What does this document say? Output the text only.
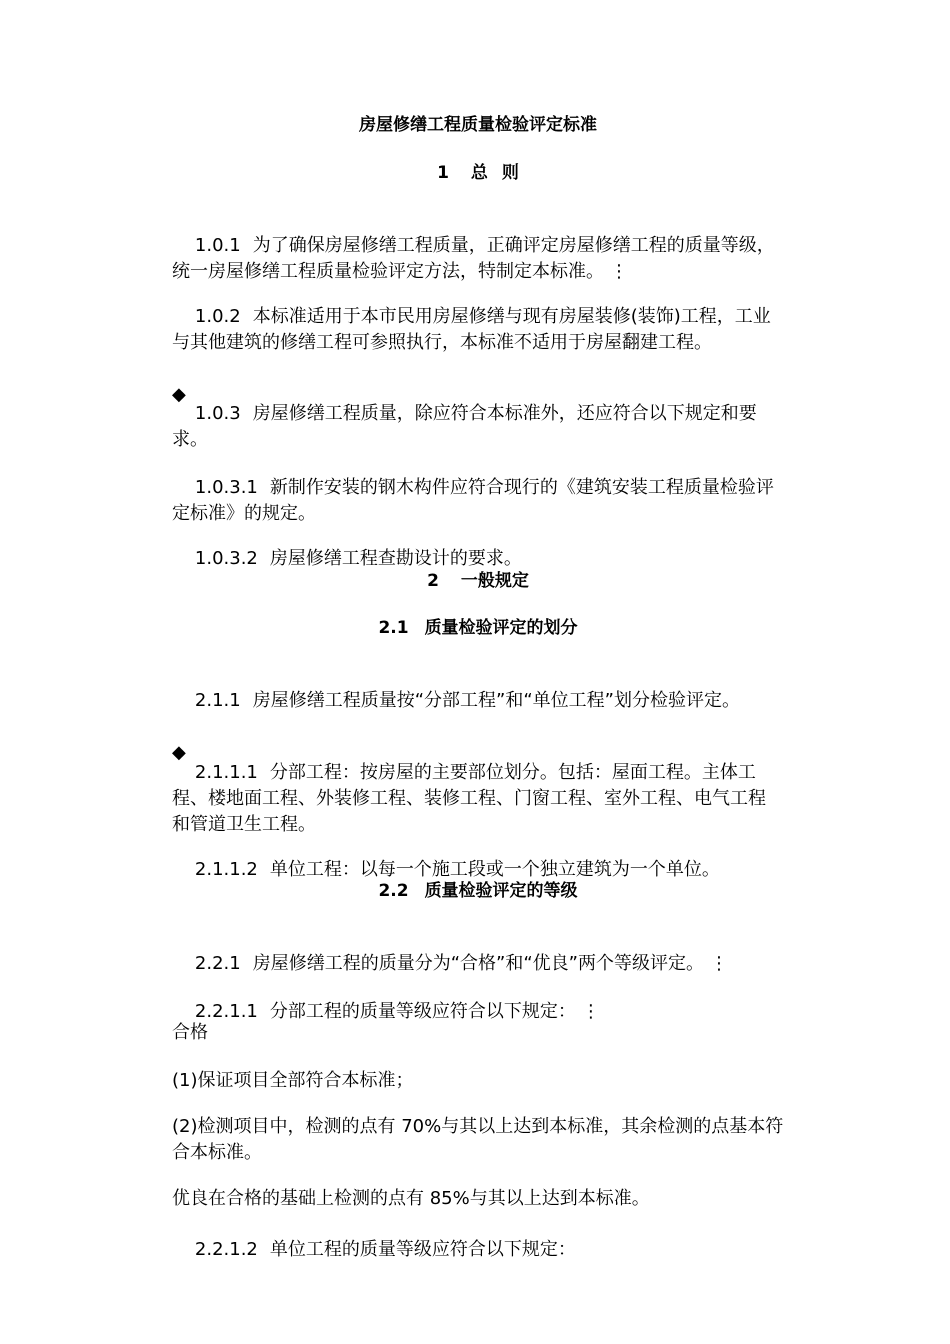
房屋修缮工程质量检验评定标准
1 总 则

1.0.1 为了确保房屋修缮工程质量，正确评定房屋修缮工程的质量等级，统一房屋修缮工程质量检验评定方法，特制定本标准。 ⋮

1.0.2 本标准适用于本市民用房屋修缮与现有房屋装修(装饰)工程，工业与其他建筑的修缮工程可参照执行，本标准不适用于房屋翻建工程。

◆

1.0.3 房屋修缮工程质量，除应符合本标准外，还应符合以下规定和要求。

1.0.3.1 新制作安装的钢木构件应符合现行的《建筑安装工程质量检验评定标准》的规定。

1.0.3.2 房屋修缮工程查勘设计的要求。

2 一般规定
2.1 质量检验评定的划分

2.1.1 房屋修缮工程质量按“分部工程”和“单位工程”划分检验评定。

◆

2.1.1.1 分部工程：按房屋的主要部位划分。包括：屋面工程。主体工程、楼地面工程、外装修工程、装修工程、门窗工程、室外工程、电气工程和管道卫生工程。

2.1.1.2 单位工程：以每一个施工段或一个独立建筑为一个单位。

2.2 质量检验评定的等级

2.2.1 房屋修缮工程的质量分为“合格”和“优良”两个等级评定。 ⋮

2.2.1.1 分部工程的质量等级应符合以下规定： ⋮

合格
(1)保证项目全部符合本标准；
(2)检测项目中，检测的点有 70%与其以上达到本标准，其余检测的点基本符合本标准。
优良在合格的基础上检测的点有 85%与其以上达到本标准。

2.2.1.2 单位工程的质量等级应符合以下规定：
